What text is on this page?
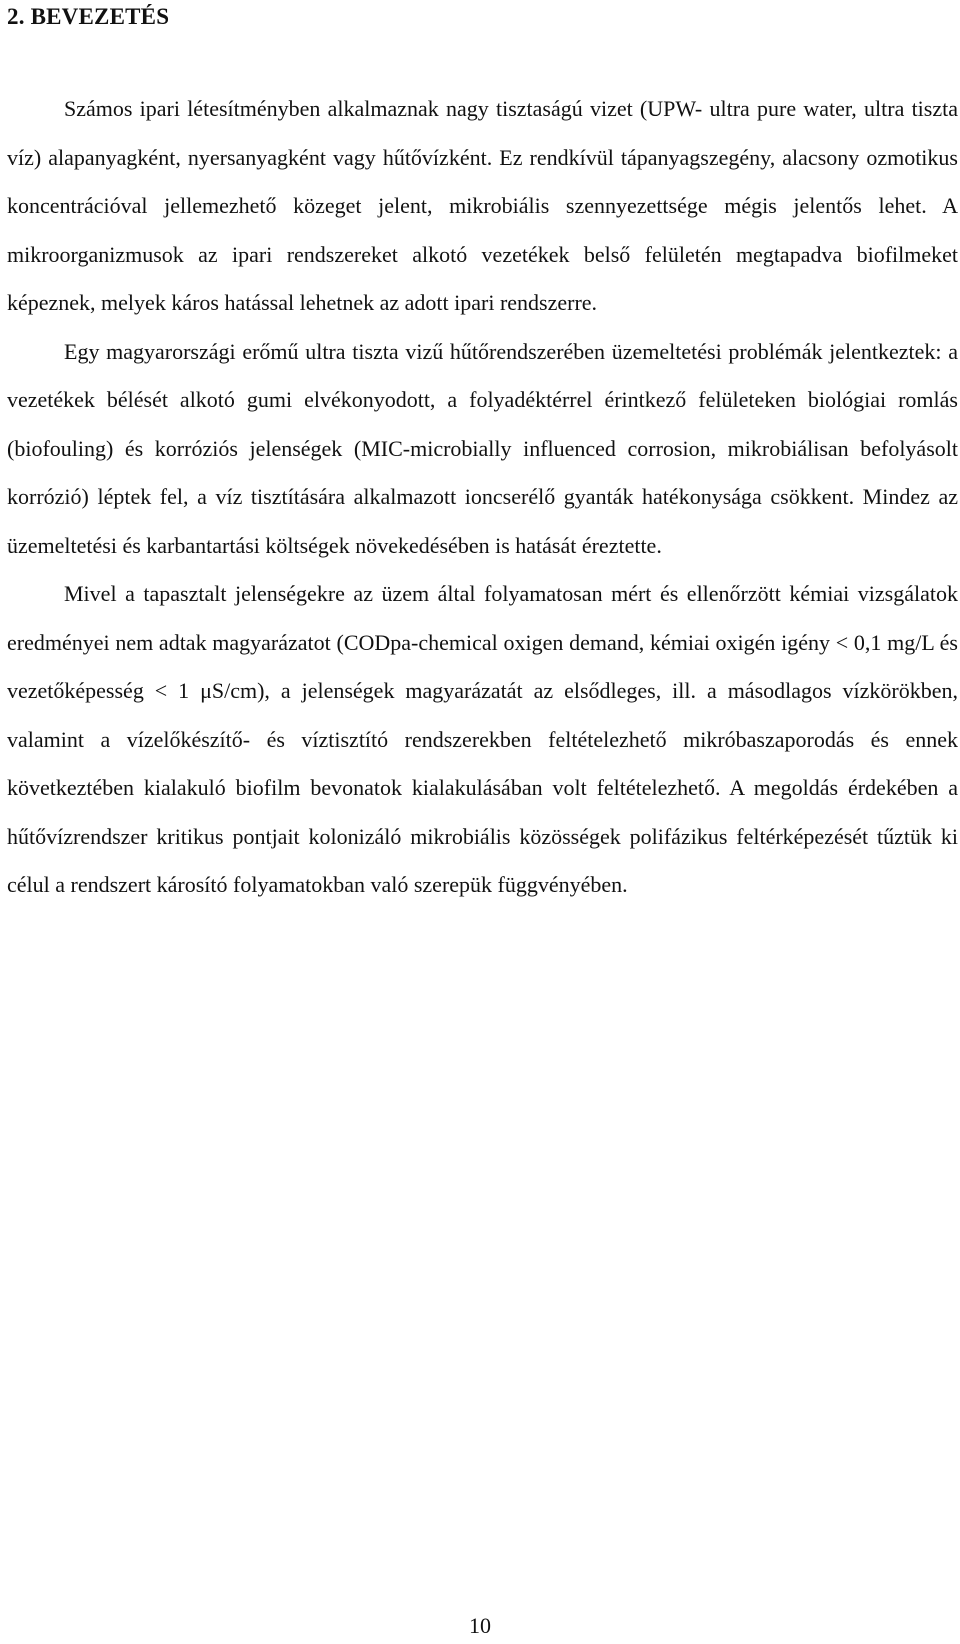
2. BEVEZETÉS

Számos ipari létesítményben alkalmaznak nagy tisztaságú vizet (UPW- ultra pure water, ultra tiszta víz) alapanyagként, nyersanyagként vagy hűtővízként. Ez rendkívül tápanyagszegény, alacsony ozmotikus koncentrációval jellemezhető közeget jelent, mikrobiális szennyezettsége mégis jelentős lehet. A mikroorganizmusok az ipari rendszereket alkotó vezetékek belső felületén megtapadva biofilmeket képeznek, melyek káros hatással lehetnek az adott ipari rendszerre.

Egy magyarországi erőmű ultra tiszta vizű hűtőrendszerében üzemeltetési problémák jelentkeztek: a vezetékek bélését alkotó gumi elvékonyodott, a folyadéktérrel érintkező felületeken biológiai romlás (biofouling) és korróziós jelenségek (MIC-microbially influenced corrosion, mikrobiálisan befolyásolt korrózió) léptek fel, a víz tisztítására alkalmazott ioncserélő gyanták hatékonysága csökkent. Mindez az üzemeltetési és karbantartási költségek növekedésében is hatását éreztette.

Mivel a tapasztalt jelenségekre az üzem által folyamatosan mért és ellenőrzött kémiai vizsgálatok eredményei nem adtak magyarázatot (CODpa-chemical oxigen demand, kémiai oxigén igény < 0,1 mg/L és vezetőképesség < 1 μS/cm), a jelenségek magyarázatát az elsődleges, ill. a másodlagos vízkörökben, valamint a vízelőkészítő- és víztisztító rendszerekben feltételezhető mikróbaszaporodás és ennek következtében kialakuló biofilm bevonatok kialakulásában volt feltételezhető. A megoldás érdekében a hűtővízrendszer kritikus pontjait kolonizáló mikrobiális közösségek polifázikus feltérképezését tűztük ki célul a rendszert károsító folyamatokban való szerepük függvényében.

10
